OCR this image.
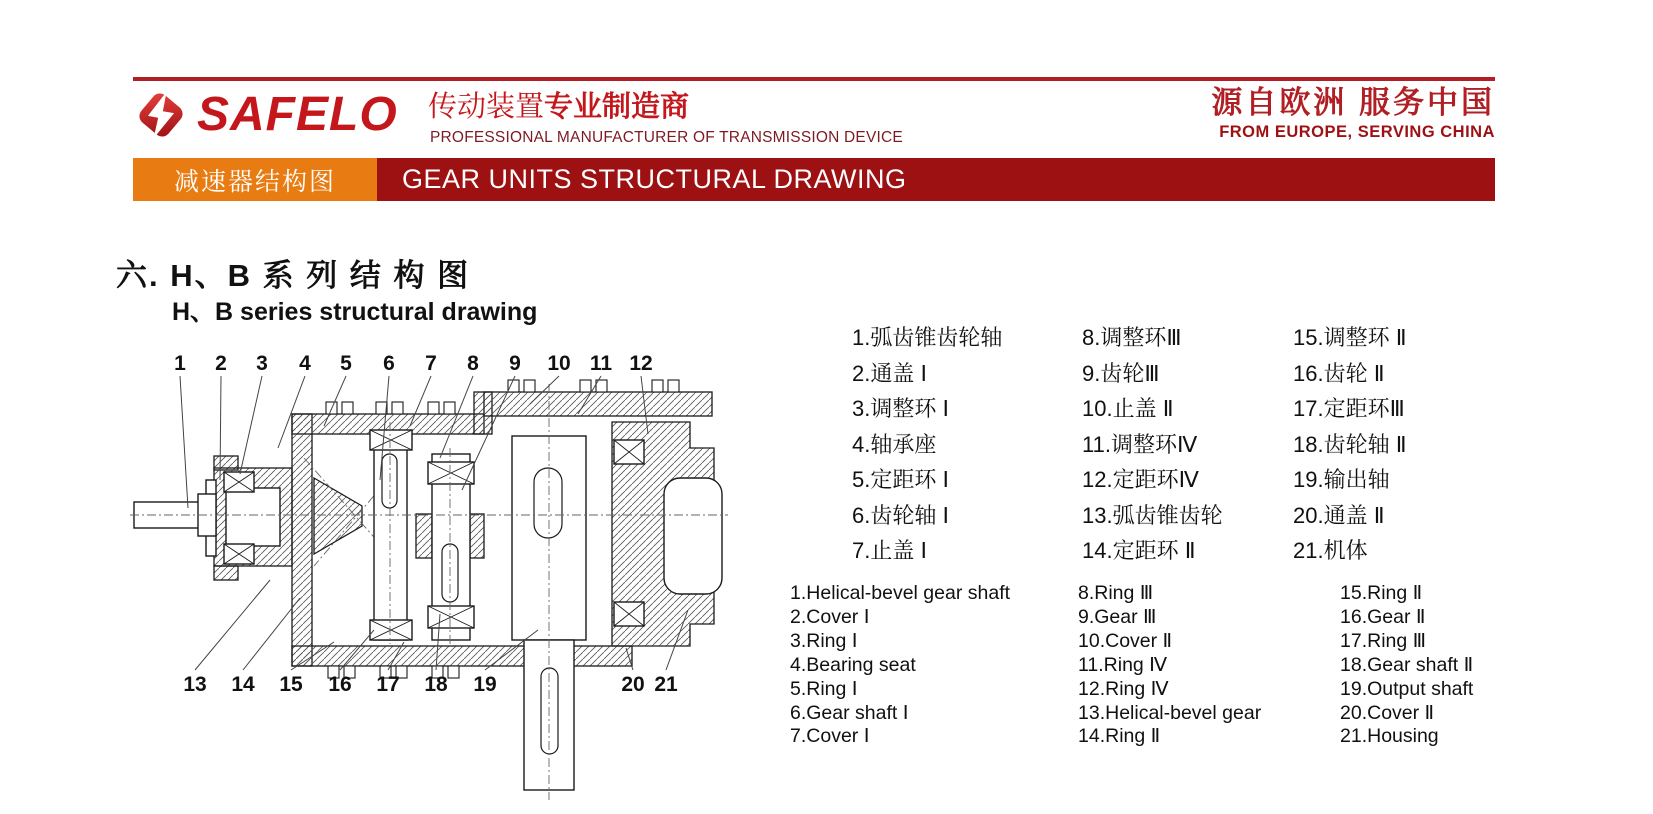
SAFELO 传动装置专业制造商
PROFESSIONAL MANUFACTURER OF TRANSMISSION DEVICE
源自欧洲 服务中国
FROM EUROPE, SERVING CHINA
减速器结构图	GEAR UNITS STRUCTURAL DRAWING
六. H、B 系 列 结 构 图
H、B series structural drawing
1 2 3 4 5 6 7 8 9 10 11 12
13 14 15 16 17 18 19	20 21
1.弧齿锥齿轮轴
2.通盖 Ⅰ
3.调整环 Ⅰ
4.轴承座
5.定距环 Ⅰ
6.齿轮轴 Ⅰ
7.止盖 Ⅰ
8.调整环Ⅲ
9.齿轮Ⅲ
10.止盖 Ⅱ
11.调整环Ⅳ
12.定距环Ⅳ
13.弧齿锥齿轮
14.定距环 Ⅱ
15.调整环 Ⅱ
16.齿轮 Ⅱ
17.定距环Ⅲ
18.齿轮轴 Ⅱ
19.输出轴
20.通盖 Ⅱ
21.机体
1.Helical-bevel gear shaft
2.Cover Ⅰ
3.Ring Ⅰ
4.Bearing seat
5.Ring Ⅰ
6.Gear shaft Ⅰ
7.Cover Ⅰ
8.Ring Ⅲ
9.Gear Ⅲ
10.Cover Ⅱ
11.Ring Ⅳ
12.Ring Ⅳ
13.Helical-bevel gear
14.Ring Ⅱ
15.Ring Ⅱ
16.Gear Ⅱ
17.Ring Ⅲ
18.Gear shaft Ⅱ
19.Output shaft
20.Cover Ⅱ
21.Housing
